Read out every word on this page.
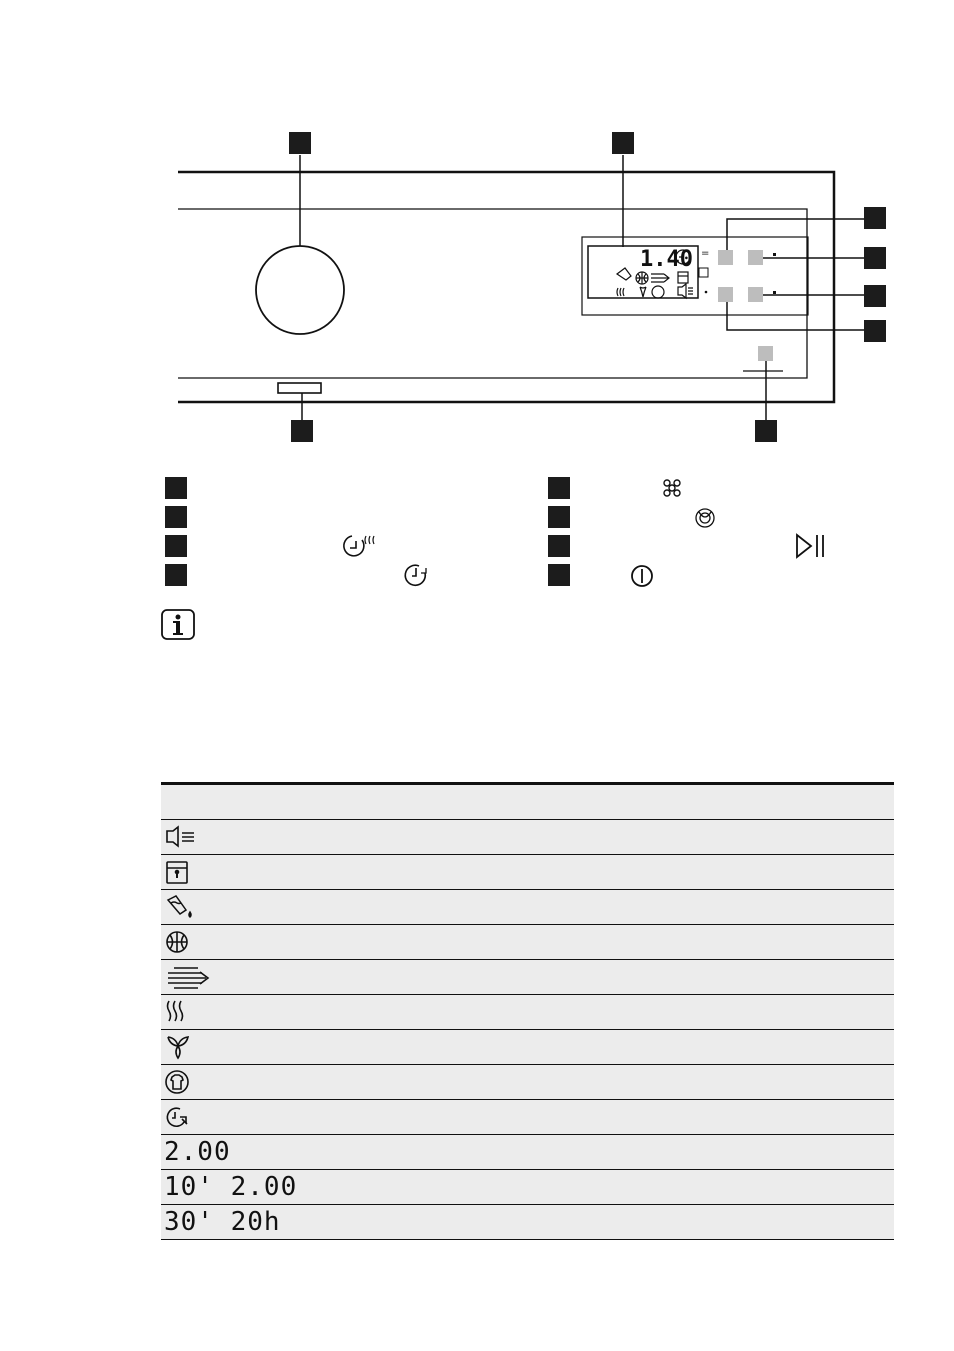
1.40 =
2.00
10' 2.00
30' 20h
